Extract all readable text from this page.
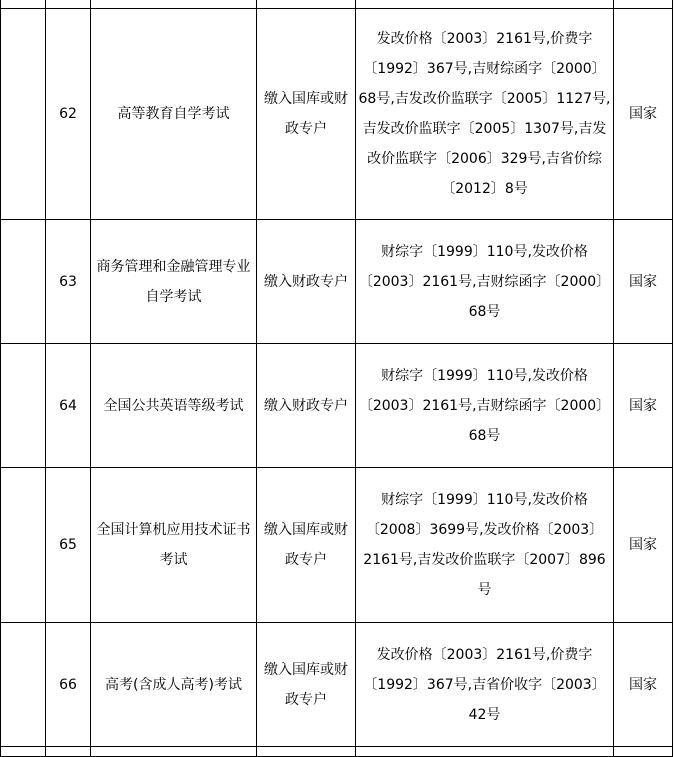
	62	高等教育自学考试	缴入国库或财政专户	发改价格〔2003〕2161号,价费字〔1992〕367号,吉财综函字〔2000〕68号,吉发改价监联字〔2005〕1127号,吉发改价监联字〔2005〕1307号,吉发改价监联字〔2006〕329号,吉省价综〔2012〕8号	国家
	63	商务管理和金融管理专业自学考试	缴入财政专户	财综字〔1999〕110号,发改价格〔2003〕2161号,吉财综函字〔2000〕68号	国家
	64	全国公共英语等级考试	缴入财政专户	财综字〔1999〕110号,发改价格〔2003〕2161号,吉财综函字〔2000〕68号	国家
	65	全国计算机应用技术证书考试	缴入国库或财政专户	财综字〔1999〕110号,发改价格〔2008〕3699号,发改价格〔2003〕2161号,吉发改价监联字〔2007〕896号	国家
	66	高考(含成人高考)考试	缴入国库或财政专户	发改价格〔2003〕2161号,价费字〔1992〕367号,吉省价收字〔2003〕42号	国家
